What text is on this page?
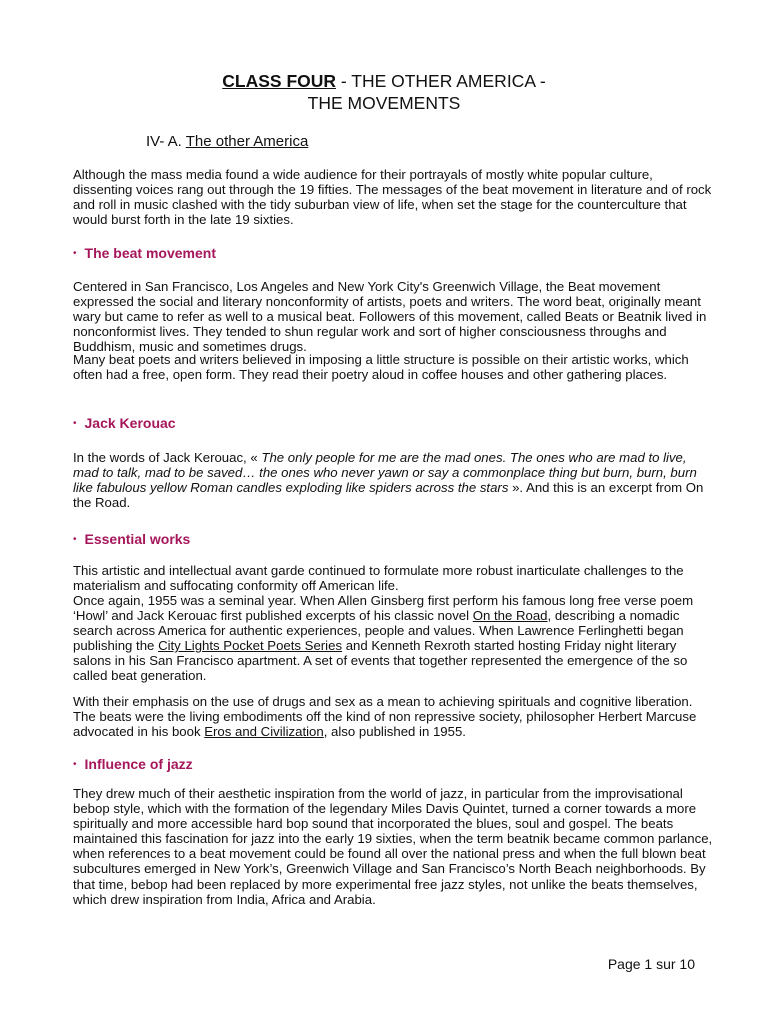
CLASS FOUR - THE OTHER AMERICA -
THE MOVEMENTS
IV- A. The other America

Although the mass media found a wide audience for their portrayals of mostly white popular culture, dissenting voices rang out through the 19 fifties. The messages of the beat movement in literature and of rock and roll in music clashed with the tidy suburban view of life, when set the stage for the counterculture that would burst forth in the late 19 sixties.

• The beat movement

Centered in San Francisco, Los Angeles and New York City's Greenwich Village, the Beat movement expressed the social and literary nonconformity of artists, poets and writers. The word beat, originally meant wary but came to refer as well to a musical beat. Followers of this movement, called Beats or Beatnik lived in nonconformist lives. They tended to shun regular work and sort of higher consciousness throughs and Buddhism, music and sometimes drugs.

Many beat poets and writers believed in imposing a little structure is possible on their artistic works, which often had a free, open form. They read their poetry aloud in coffee houses and other gathering places.

• Jack Kerouac

In the words of Jack Kerouac, « The only people for me are the mad ones. The ones who are mad to live, mad to talk, mad to be saved… the ones who never yawn or say a commonplace thing but burn, burn, burn like fabulous yellow Roman candles exploding like spiders across the stars ». And this is an excerpt from On the Road.

• Essential works

This artistic and intellectual avant garde continued to formulate more robust inarticulate challenges to the materialism and suffocating conformity off American life.

Once again, 1955 was a seminal year. When Allen Ginsberg first perform his famous long free verse poem ‘Howl’ and Jack Kerouac first published excerpts of his classic novel On the Road, describing a nomadic search across America for authentic experiences, people and values. When Lawrence Ferlinghetti began publishing the City Lights Pocket Poets Series and Kenneth Rexroth started hosting Friday night literary salons in his San Francisco apartment. A set of events that together represented the emergence of the so called beat generation.

With their emphasis on the use of drugs and sex as a mean to achieving spirituals and cognitive liberation. The beats were the living embodiments off the kind of non repressive society, philosopher Herbert Marcuse advocated in his book Eros and Civilization, also published in 1955.

• Influence of jazz

They drew much of their aesthetic inspiration from the world of jazz, in particular from the improvisational bebop style, which with the formation of the legendary Miles Davis Quintet, turned a corner towards a more spiritually and more accessible hard bop sound that incorporated the blues, soul and gospel. The beats maintained this fascination for jazz into the early 19 sixties, when the term beatnik became common parlance, when references to a beat movement could be found all over the national press and when the full blown beat subcultures emerged in New York’s, Greenwich Village and San Francisco’s North Beach neighborhoods. By that time, bebop had been replaced by more experimental free jazz styles, not unlike the beats themselves, which drew inspiration from India, Africa and Arabia.

Page 1 sur 10
